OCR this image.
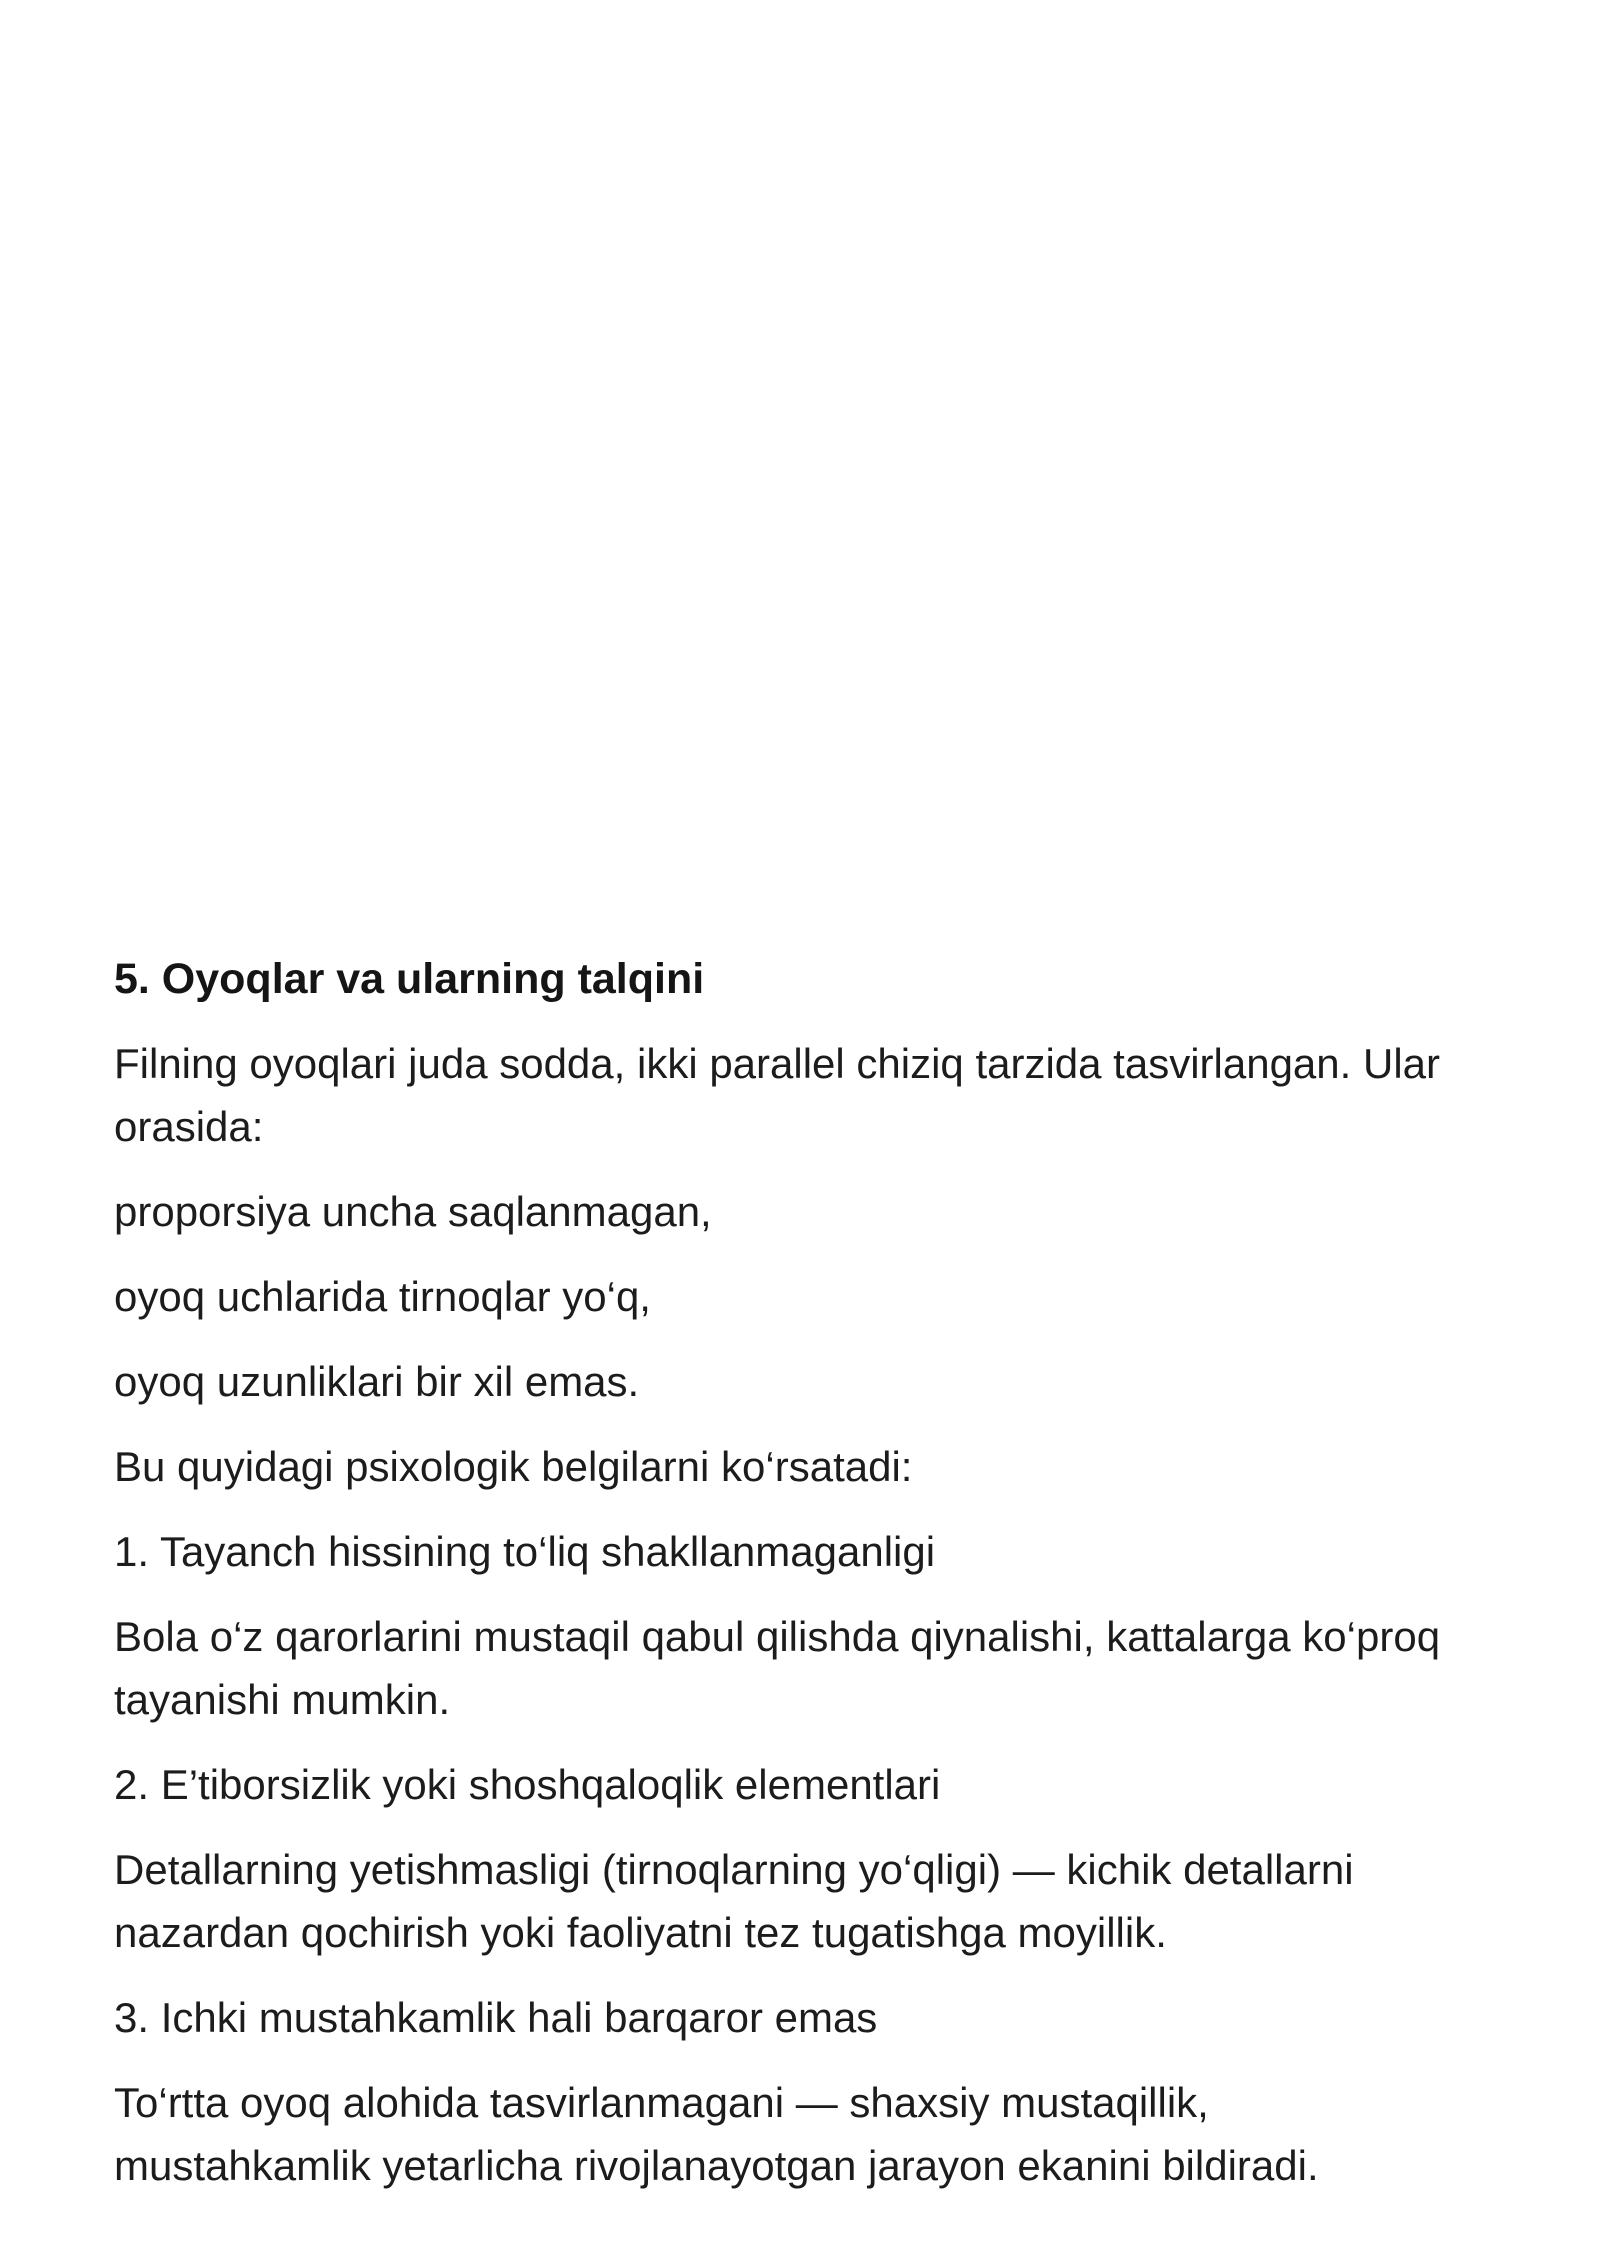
5. Oyoqlar va ularning talqini
Filning oyoqlari juda sodda, ikki parallel chiziq tarzida tasvirlangan. Ular orasida:
proporsiya uncha saqlanmagan,
oyoq uchlarida tirnoqlar yo‘q,
oyoq uzunliklari bir xil emas.
Bu quyidagi psixologik belgilarni ko‘rsatadi:
1. Tayanch hissining to‘liq shakllanmaganligi
Bola o‘z qarorlarini mustaqil qabul qilishda qiynalishi, kattalarga ko‘proq tayanishi mumkin.
2. E’tiborsizlik yoki shoshqaloqlik elementlari
Detallarning yetishmasligi (tirnoqlarning yo‘qligi) — kichik detallarni nazardan qochirish yoki faoliyatni tez tugatishga moyillik.
3. Ichki mustahkamlik hali barqaror emas
To‘rtta oyoq alohida tasvirlanmagani — shaxsiy mustaqillik, mustahkamlik yetarlicha rivojlanayotgan jarayon ekanini bildiradi.
